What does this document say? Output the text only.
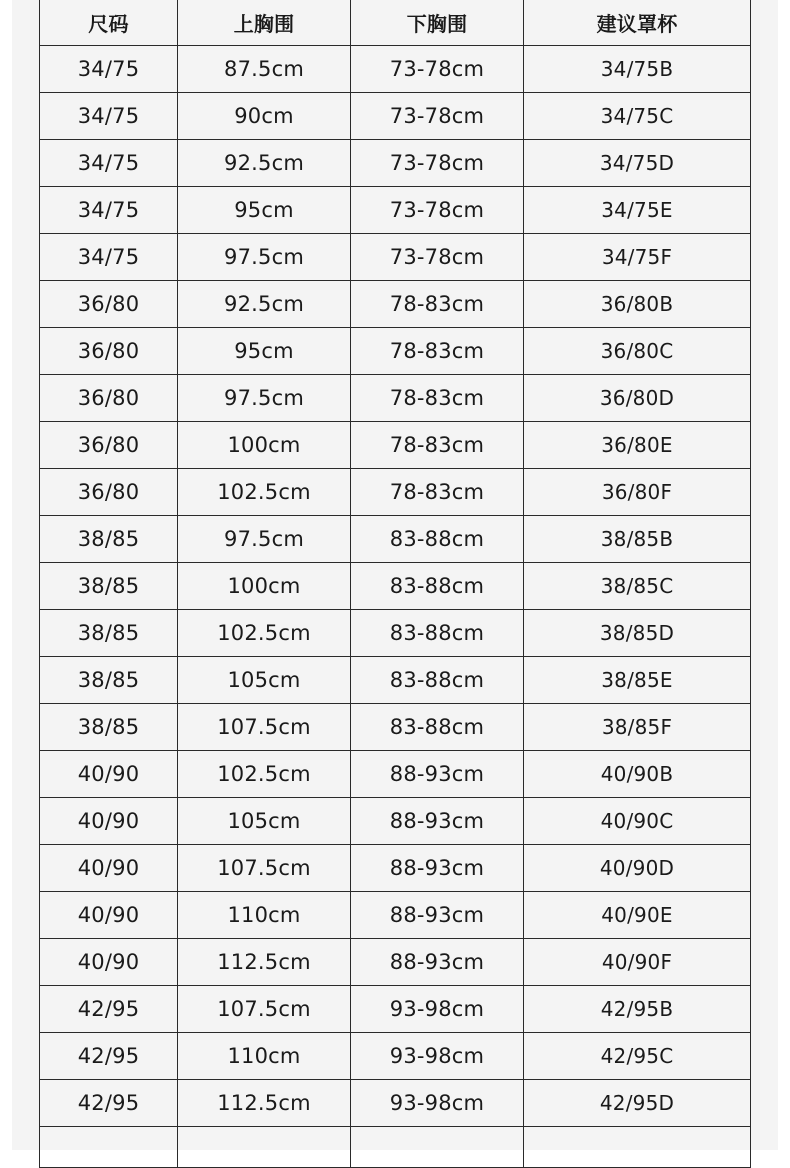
尺码	上胸围	下胸围	建议罩杯
34/75	87.5cm	73-78cm	34/75B
34/75	90cm	73-78cm	34/75C
34/75	92.5cm	73-78cm	34/75D
34/75	95cm	73-78cm	34/75E
34/75	97.5cm	73-78cm	34/75F
36/80	92.5cm	78-83cm	36/80B
36/80	95cm	78-83cm	36/80C
36/80	97.5cm	78-83cm	36/80D
36/80	100cm	78-83cm	36/80E
36/80	102.5cm	78-83cm	36/80F
38/85	97.5cm	83-88cm	38/85B
38/85	100cm	83-88cm	38/85C
38/85	102.5cm	83-88cm	38/85D
38/85	105cm	83-88cm	38/85E
38/85	107.5cm	83-88cm	38/85F
40/90	102.5cm	88-93cm	40/90B
40/90	105cm	88-93cm	40/90C
40/90	107.5cm	88-93cm	40/90D
40/90	110cm	88-93cm	40/90E
40/90	112.5cm	88-93cm	40/90F
42/95	107.5cm	93-98cm	42/95B
42/95	110cm	93-98cm	42/95C
42/95	112.5cm	93-98cm	42/95D
